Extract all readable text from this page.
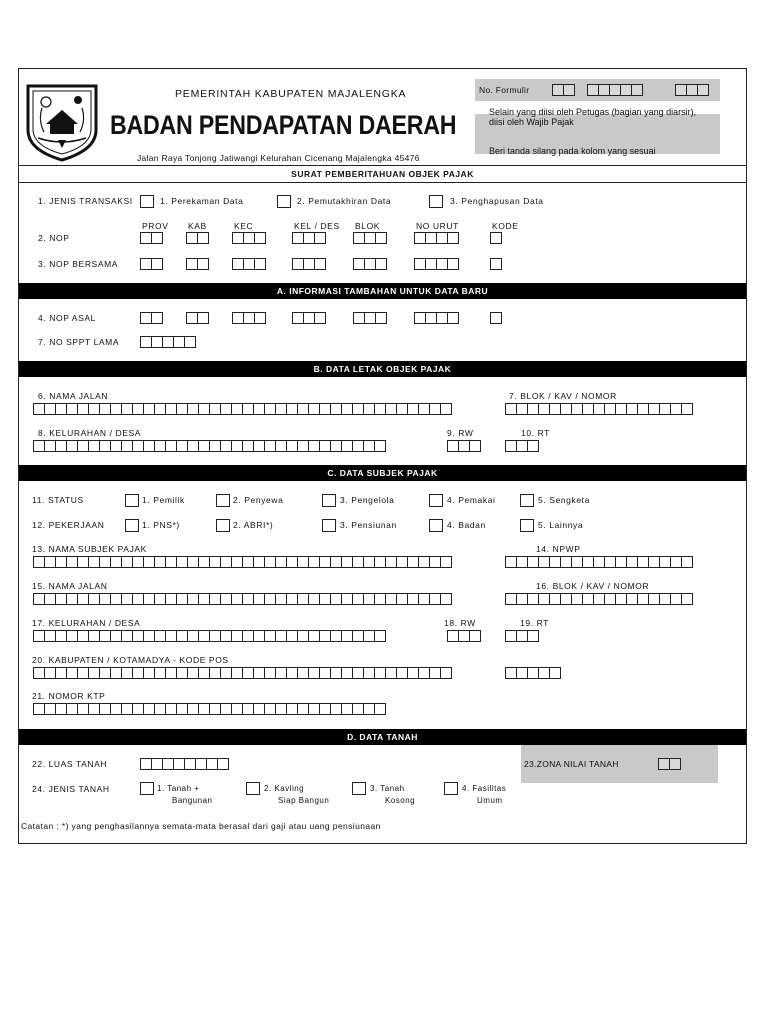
PEMERINTAH KABUPATEN MAJALENGKA
BADAN PENDAPATAN DAERAH
Jalan Raya Tonjong Jatiwangi Kelurahan Cicenang Majalengka 45476
No. Formulir
Selain yang diisi oleh Petugas (bagian yang diarsir), diisi oleh Wajib Pajak
Beri tanda silang pada kolom yang sesuai
SURAT PEMBERITAHUAN OBJEK PAJAK
1. JENIS TRANSAKSI	1. Perekaman Data	2. Pemutakhiran Data	3. Penghapusan Data
PROV KAB	KEC	KEL / DES BLOK	NO URUT	KODE
2. NOP
3. NOP BERSAMA
A. INFORMASI TAMBAHAN UNTUK DATA BARU
4. NOP ASAL
7. NO SPPT LAMA
B. DATA LETAK OBJEK PAJAK
6. NAMA JALAN	7. BLOK / KAV / NOMOR
8. KELURAHAN / DESA	9. RW	10. RT
C. DATA SUBJEK PAJAK
11. STATUS	1. Pemilik	2. Penyewa	3. Pengelola	4. Pemakai	5. Sengketa
12. PEKERJAAN	1. PNS*)	2. ABRI*)	3. Pensiunan	4. Badan	5. Lainnya
13. NAMA SUBJEK PAJAK	14. NPWP
15. NAMA JALAN	16. BLOK / KAV / NOMOR
17. KELURAHAN / DESA	18. RW	19. RT
20. KABUPATEN / KOTAMADYA - KODE POS
21. NOMOR KTP
D. DATA TANAH
23.ZONA NILAI TANAH
22. LUAS TANAH
24. JENIS TANAH	1. Tanah +
Bangunan
2. Kavling
Siap Bangun
3. Tanah
Kosong
4. Fasilitas
Umum
Catatan : *) yang penghasilannya semata-mata berasal dari gaji atau uang pensiunaan
